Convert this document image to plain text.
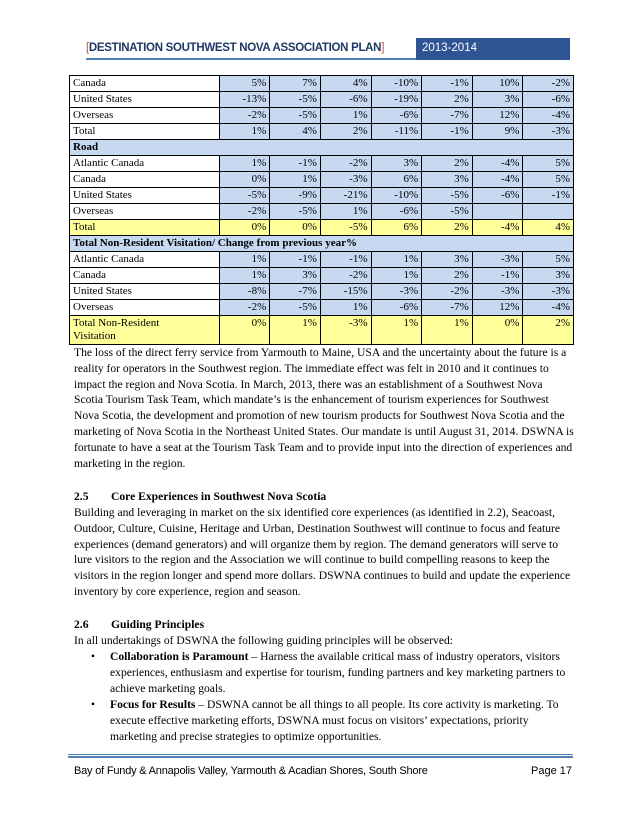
[DESTINATION SOUTHWEST NOVA ASSOCIATION PLAN]	2013-2014
Canada	5%	7%	4%	-10%	-1%	10%	-2%
United States	-13%	-5%	-6%	-19%	2%	3%	-6%
Overseas	-2%	-5%	1%	-6%	-7%	12%	-4%
Total	1%	4%	2%	-11%	-1%	9%	-3%
Road							
Atlantic Canada	1%	-1%	-2%	3%	2%	-4%	5%
Canada	0%	1%	-3%	6%	3%	-4%	5%
United States	-5%	-9%	-21%	-10%	-5%	-6%	-1%
Overseas	-2%	-5%	1%	-6%	-5%		
Total	0%	0%	-5%	6%	2%	-4%	4%
Total Non-Resident Visitation/ Change from previous year%							
Atlantic Canada	1%	-1%	-1%	1%	3%	-3%	5%
Canada	1%	3%	-2%	1%	2%	-1%	3%
United States	-8%	-7%	-15%	-3%	-2%	-3%	-3%
Overseas	-2%	-5%	1%	-6%	-7%	12%	-4%

Total Non-Resident
Visitation	0%	1%	-3%	1%	1%	0%	2%
The loss of the direct ferry service from Yarmouth to Maine, USA and the uncertainty about the future is a reality for operators in the Southwest region. The immediate effect was felt in 2010 and it continues to impact the region and Nova Scotia. In March, 2013, there was an establishment of a Southwest Nova Scotia Tourism Task Team, which mandate’s is the enhancement of tourism experiences for Southwest Nova Scotia, the development and promotion of new tourism products for Southwest Nova Scotia and the marketing of Nova Scotia in the Northeast United States. Our mandate is until August 31, 2014. DSWNA is fortunate to have a seat at the Tourism Task Team and to provide input into the direction of experiences and marketing in the region.
2.5 Core Experiences in Southwest Nova Scotia
Building and leveraging in market on the six identified core experiences (as identified in 2.2), Seacoast, Outdoor, Culture, Cuisine, Heritage and Urban, Destination Southwest will continue to focus and feature experiences (demand generators) and will organize them by region. The demand generators will serve to lure visitors to the region and the Association we will continue to build compelling reasons to keep the visitors in the region longer and spend more dollars. DSWNA continues to build and update the experience inventory by core experience, region and season.
2.6 Guiding Principles
In all undertakings of DSWNA the following guiding principles will be observed:
• Collaboration is Paramount – Harness the available critical mass of industry operators, visitors experiences, enthusiasm and expertise for tourism, funding partners and key marketing partners to achieve marketing goals.
• Focus for Results – DSWNA cannot be all things to all people. Its core activity is marketing. To execute effective marketing efforts, DSWNA must focus on visitors’ expectations, priority marketing and precise strategies to optimize opportunities.
Bay of Fundy & Annapolis Valley, Yarmouth & Acadian Shores, South Shore	Page 17
